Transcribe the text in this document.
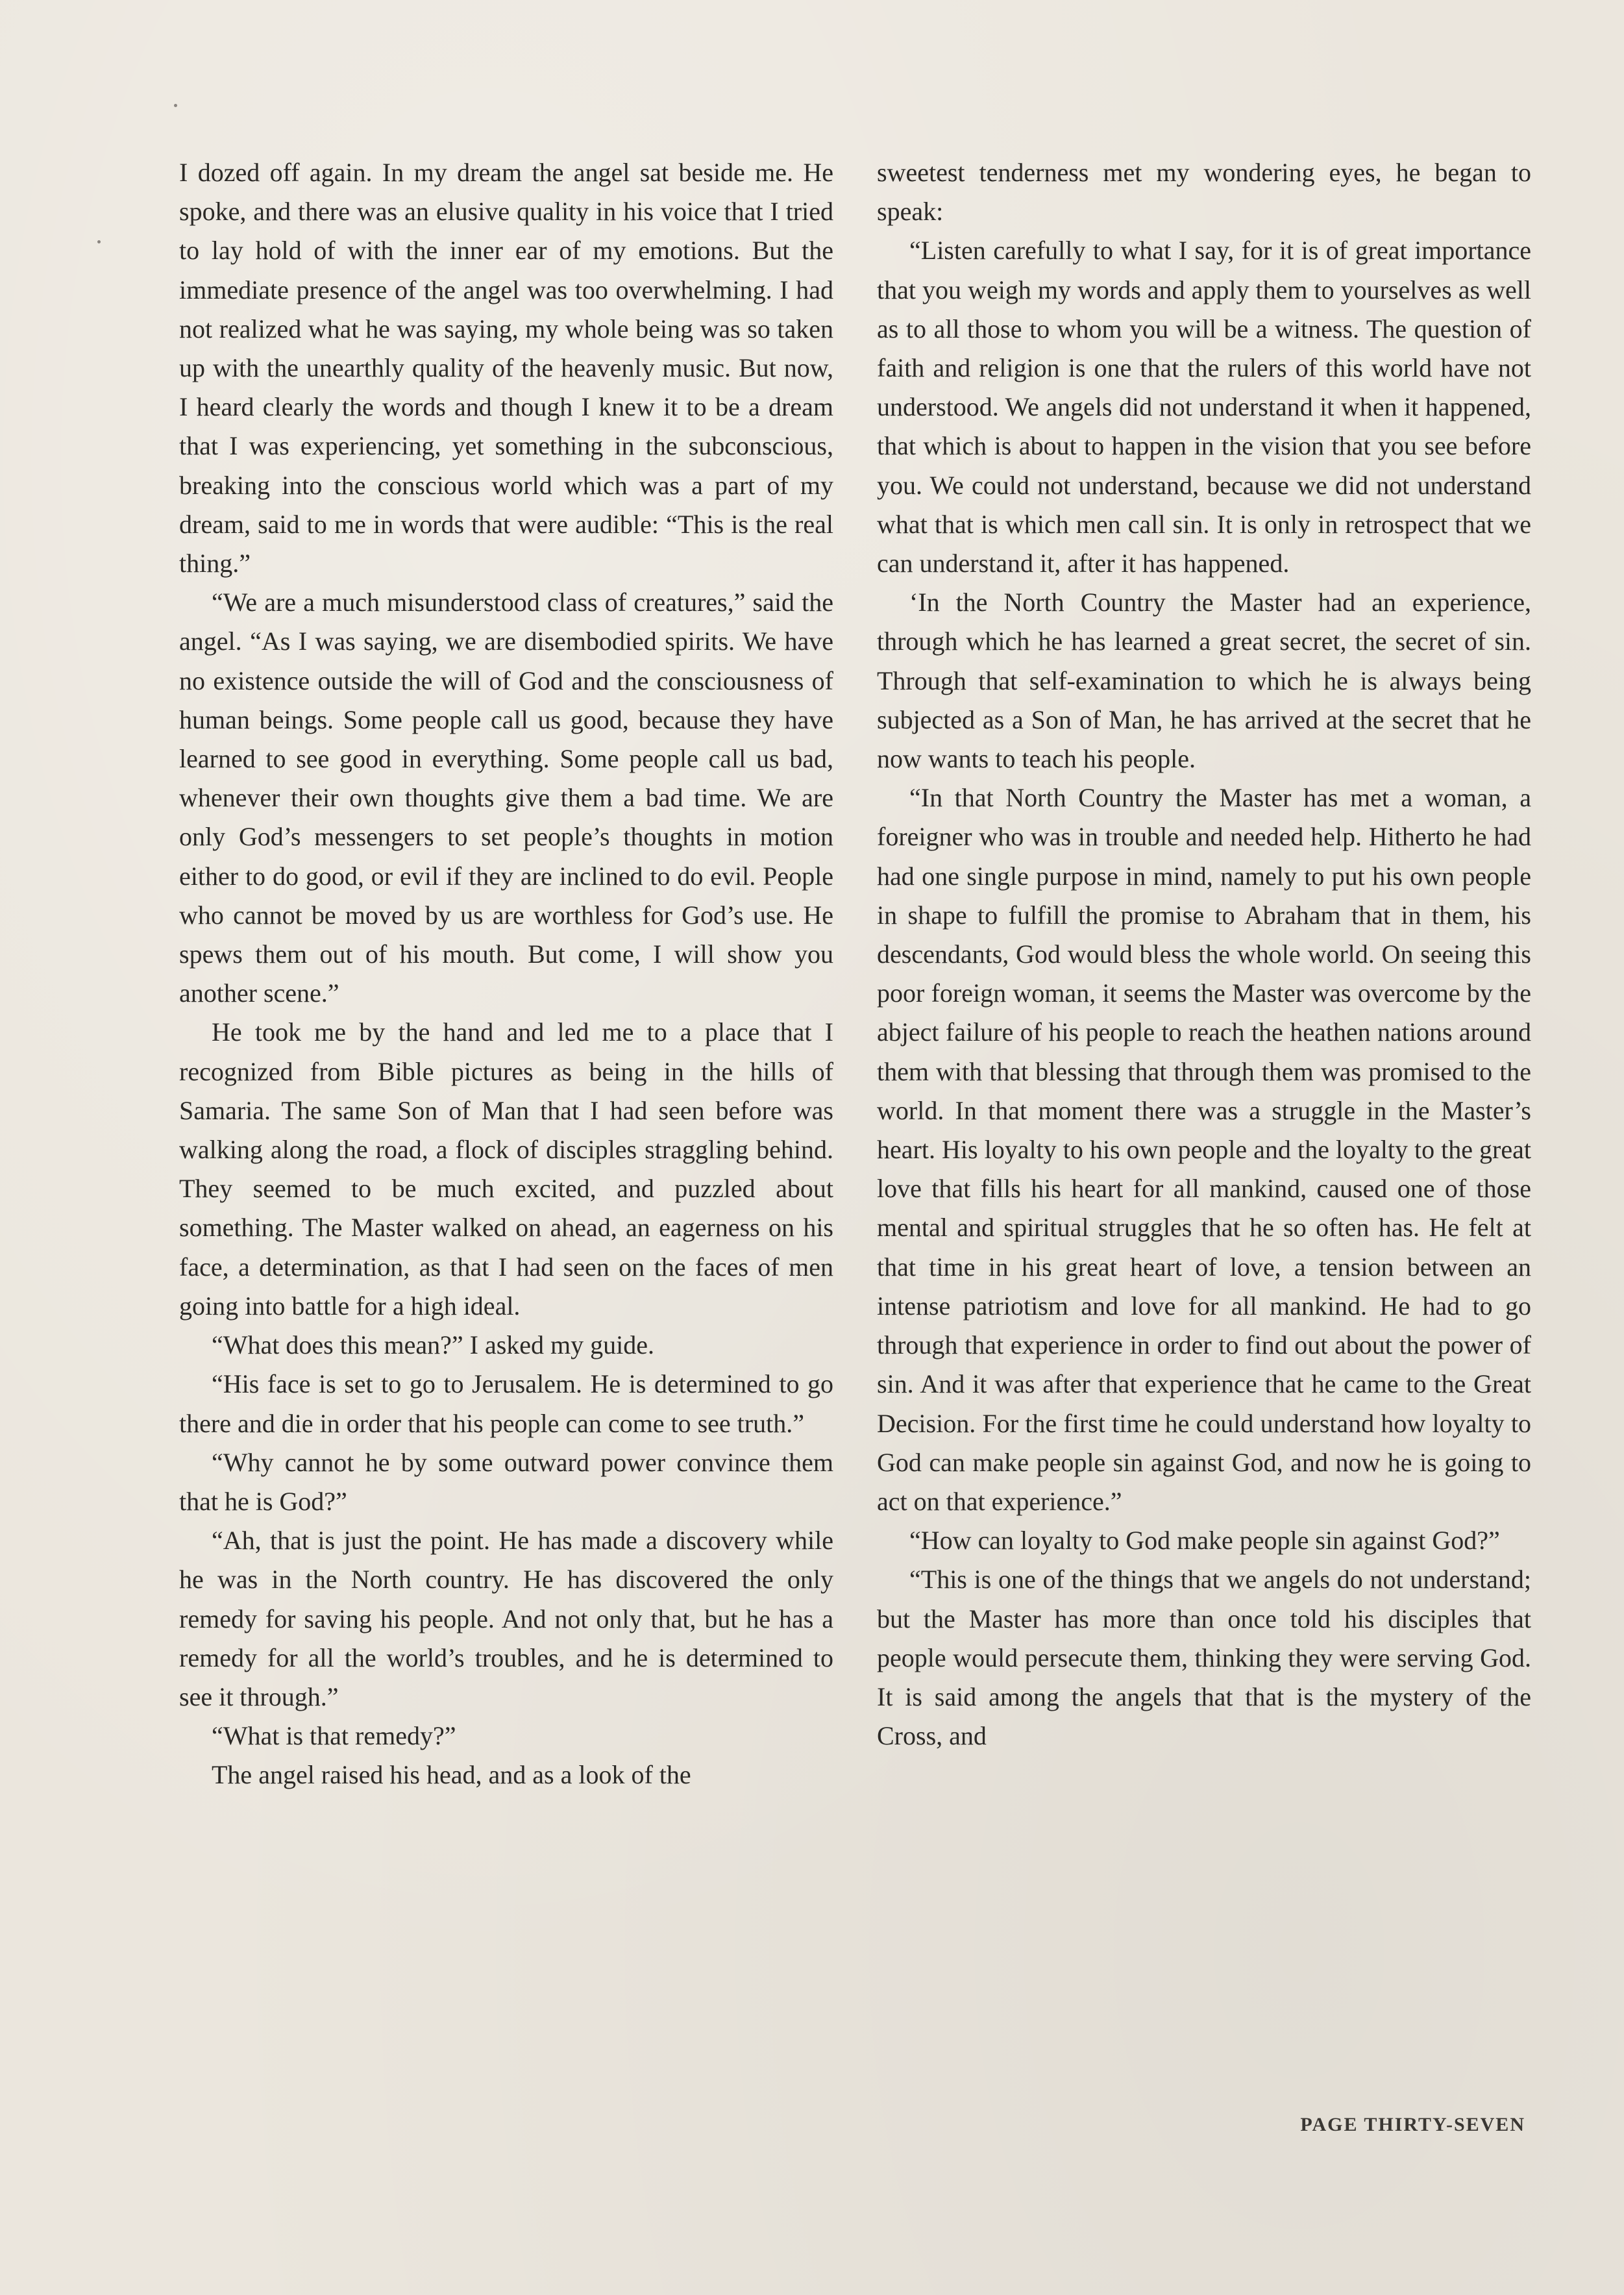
I dozed off again. In my dream the angel sat beside me. He spoke, and there was an elusive quality in his voice that I tried to lay hold of with the inner ear of my emotions. But the immediate presence of the angel was too overwhelming. I had not realized what he was saying, my whole being was so taken up with the unearthly quality of the heavenly music. But now, I heard clearly the words and though I knew it to be a dream that I was experiencing, yet something in the subconscious, breaking into the conscious world which was a part of my dream, said to me in words that were audible: “This is the real thing.”

“We are a much misunderstood class of creatures,” said the angel. “As I was saying, we are disembodied spirits. We have no existence outside the will of God and the consciousness of human beings. Some people call us good, because they have learned to see good in everything. Some people call us bad, whenever their own thoughts give them a bad time. We are only God’s messengers to set people’s thoughts in motion either to do good, or evil if they are inclined to do evil. People who cannot be moved by us are worthless for God’s use. He spews them out of his mouth. But come, I will show you another scene.”

He took me by the hand and led me to a place that I recognized from Bible pictures as being in the hills of Samaria. The same Son of Man that I had seen before was walking along the road, a flock of disciples straggling behind. They seemed to be much excited, and puzzled about something. The Master walked on ahead, an eagerness on his face, a determination, as that I had seen on the faces of men going into battle for a high ideal.

“What does this mean?” I asked my guide.

“His face is set to go to Jerusalem. He is determined to go there and die in order that his people can come to see truth.”

“Why cannot he by some outward power convince them that he is God?”

“Ah, that is just the point. He has made a discovery while he was in the North country. He has discovered the only remedy for saving his people. And not only that, but he has a remedy for all the world’s troubles, and he is determined to see it through.”

“What is that remedy?”

The angel raised his head, and as a look of the

sweetest tenderness met my wondering eyes, he began to speak:

“Listen carefully to what I say, for it is of great importance that you weigh my words and apply them to yourselves as well as to all those to whom you will be a witness. The question of faith and religion is one that the rulers of this world have not understood. We angels did not understand it when it happened, that which is about to happen in the vision that you see before you. We could not understand, because we did not understand what that is which men call sin. It is only in retrospect that we can understand it, after it has happened.

‘In the North Country the Master had an experience, through which he has learned a great secret, the secret of sin. Through that self-examination to which he is always being subjected as a Son of Man, he has arrived at the secret that he now wants to teach his people.

“In that North Country the Master has met a woman, a foreigner who was in trouble and needed help. Hitherto he had had one single purpose in mind, namely to put his own people in shape to fulfill the promise to Abraham that in them, his descendants, God would bless the whole world. On seeing this poor foreign woman, it seems the Master was overcome by the abject failure of his people to reach the heathen nations around them with that blessing that through them was promised to the world. In that moment there was a struggle in the Master’s heart. His loyalty to his own people and the loyalty to the great love that fills his heart for all mankind, caused one of those mental and spiritual struggles that he so often has. He felt at that time in his great heart of love, a tension between an intense patriotism and love for all mankind. He had to go through that experience in order to find out about the power of sin. And it was after that experience that he came to the Great Decision. For the first time he could understand how loyalty to God can make people sin against God, and now he is going to act on that experience.”

“How can loyalty to God make people sin against God?”

“This is one of the things that we angels do not understand; but the Master has more than once told his disciples that people would persecute them, thinking they were serving God. It is said among the angels that that is the mystery of the Cross, and

PAGE THIRTY-SEVEN
